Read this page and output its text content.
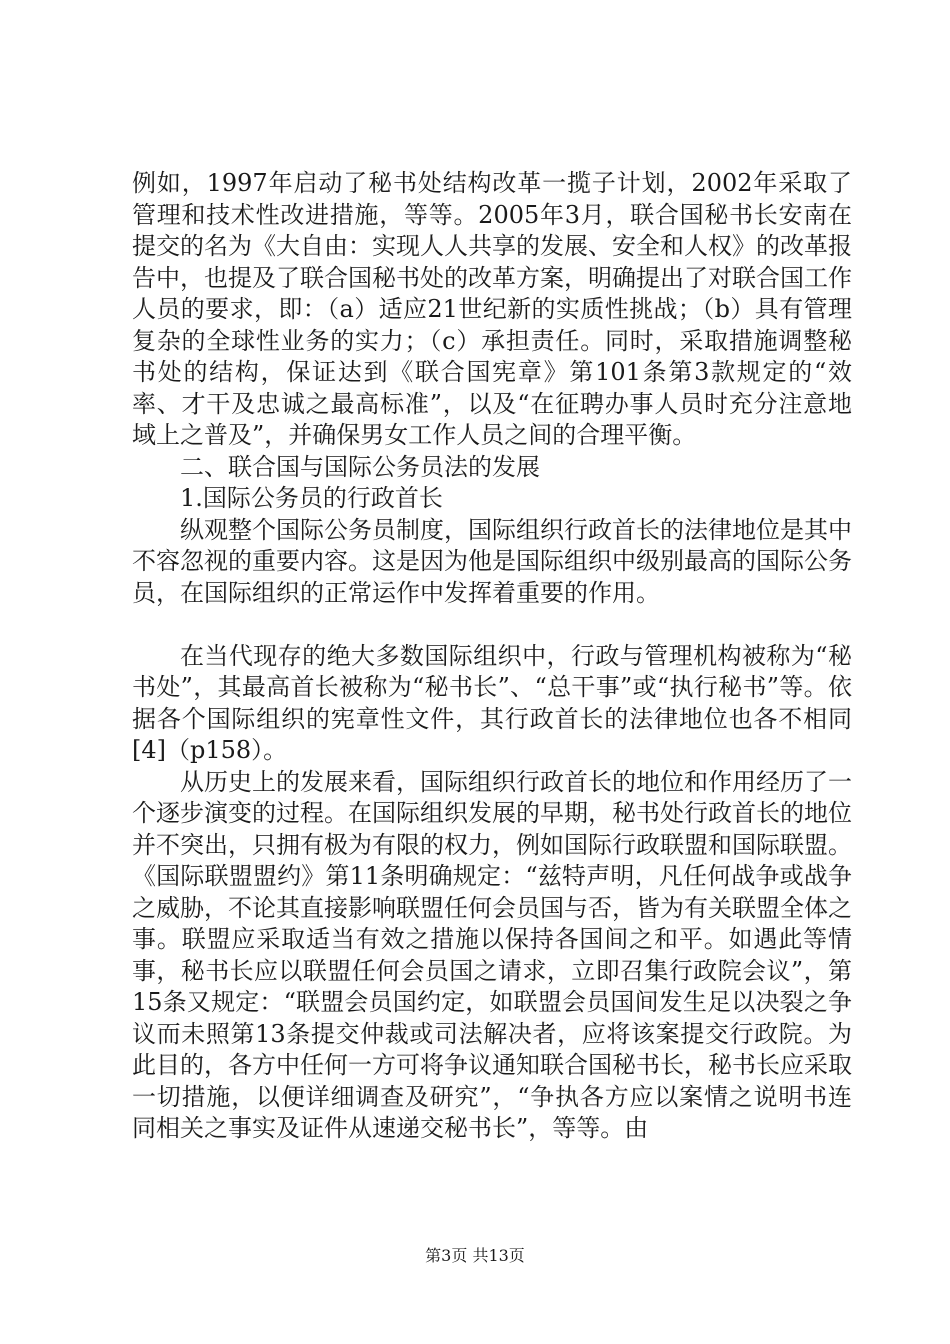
例如，1997年启动了秘书处结构改革一揽子计划，2002年采取了管理和技术性改进措施，等等。2005年3月，联合国秘书长安南在提交的名为《大自由：实现人人共享的发展、安全和人权》的改革报告中，也提及了联合国秘书处的改革方案，明确提出了对联合国工作人员的要求，即：（a）适应21世纪新的实质性挑战；（b）具有管理复杂的全球性业务的实力；（c）承担责任。同时，采取措施调整秘书处的结构，保证达到《联合国宪章》第101条第3款规定的“效率、才干及忠诚之最高标准”，以及“在征聘办事人员时充分注意地域上之普及”，并确保男女工作人员之间的合理平衡。

二、联合国与国际公务员法的发展

1.国际公务员的行政首长

纵观整个国际公务员制度，国际组织行政首长的法律地位是其中不容忽视的重要内容。这是因为他是国际组织中级别最高的国际公务员，在国际组织的正常运作中发挥着重要的作用。

在当代现存的绝大多数国际组织中，行政与管理机构被称为“秘书处”，其最高首长被称为“秘书长”、“总干事”或“执行秘书”等。依据各个国际组织的宪章性文件，其行政首长的法律地位也各不相同[4]（p158）。

从历史上的发展来看，国际组织行政首长的地位和作用经历了一个逐步演变的过程。在国际组织发展的早期，秘书处行政首长的地位并不突出，只拥有极为有限的权力，例如国际行政联盟和国际联盟。《国际联盟盟约》第11条明确规定：“兹特声明，凡任何战争或战争之威胁，不论其直接影响联盟任何会员国与否，皆为有关联盟全体之事。联盟应采取适当有效之措施以保持各国间之和平。如遇此等情事，秘书长应以联盟任何会员国之请求，立即召集行政院会议”，第15条又规定：“联盟会员国约定，如联盟会员国间发生足以决裂之争议而未照第13条提交仲裁或司法解决者，应将该案提交行政院。为此目的，各方中任何一方可将争议通知联合国秘书长，秘书长应采取一切措施，以便详细调查及研究”，“争执各方应以案情之说明书连同相关之事实及证件从速递交秘书长”，等等。由

第3页 共13页
